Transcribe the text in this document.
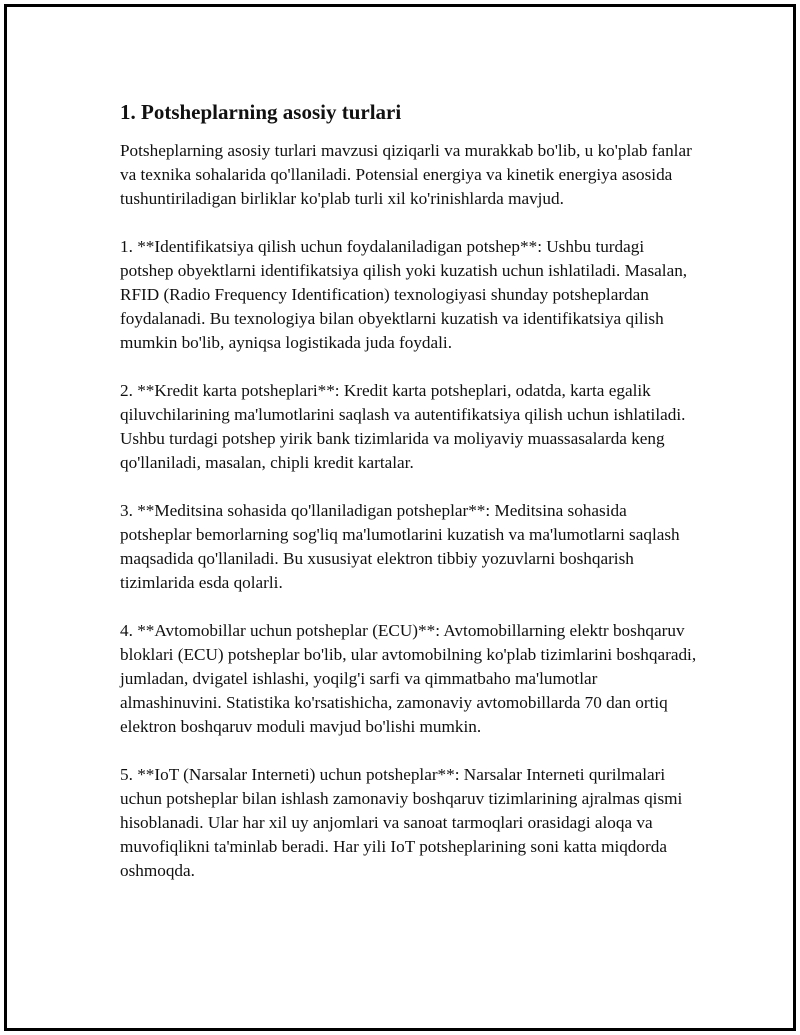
1. Potsheplarning asosiy turlari

Potsheplarning asosiy turlari mavzusi qiziqarli va murakkab bo'lib, u ko'plab fanlar va texnika sohalarida qo'llaniladi. Potensial energiya va kinetik energiya asosida tushuntiriladigan birliklar ko'plab turli xil ko'rinishlarda mavjud.

1. **Identifikatsiya qilish uchun foydalaniladigan potshep**: Ushbu turdagi potshep obyektlarni identifikatsiya qilish yoki kuzatish uchun ishlatiladi. Masalan, RFID (Radio Frequency Identification) texnologiyasi shunday potsheplardan foydalanadi. Bu texnologiya bilan obyektlarni kuzatish va identifikatsiya qilish mumkin bo'lib, ayniqsa logistikada juda foydali.

2. **Kredit karta potsheplari**: Kredit karta potsheplari, odatda, karta egalik qiluvchilarining ma'lumotlarini saqlash va autentifikatsiya qilish uchun ishlatiladi. Ushbu turdagi potshep yirik bank tizimlarida va moliyaviy muassasalarda keng qo'llaniladi, masalan, chipli kredit kartalar.

3. **Meditsina sohasida qo'llaniladigan potsheplar**: Meditsina sohasida potsheplar bemorlarning sog'liq ma'lumotlarini kuzatish va ma'lumotlarni saqlash maqsadida qo'llaniladi. Bu xususiyat elektron tibbiy yozuvlarni boshqarish tizimlarida esda qolarli.

4. **Avtomobillar uchun potsheplar (ECU)**: Avtomobillarning elektr boshqaruv bloklari (ECU) potsheplar bo'lib, ular avtomobilning ko'plab tizimlarini boshqaradi, jumladan, dvigatel ishlashi, yoqilg'i sarfi va qimmatbaho ma'lumotlar almashinuvini. Statistika ko'rsatishicha, zamonaviy avtomobillarda 70 dan ortiq elektron boshqaruv moduli mavjud bo'lishi mumkin.

5. **IoT (Narsalar Interneti) uchun potsheplar**: Narsalar Interneti qurilmalari uchun potsheplar bilan ishlash zamonaviy boshqaruv tizimlarining ajralmas qismi hisoblanadi. Ular har xil uy anjomlari va sanoat tarmoqlari orasidagi aloqa va muvofiqlikni ta'minlab beradi. Har yili IoT potsheplarining soni katta miqdorda oshmoqda.
